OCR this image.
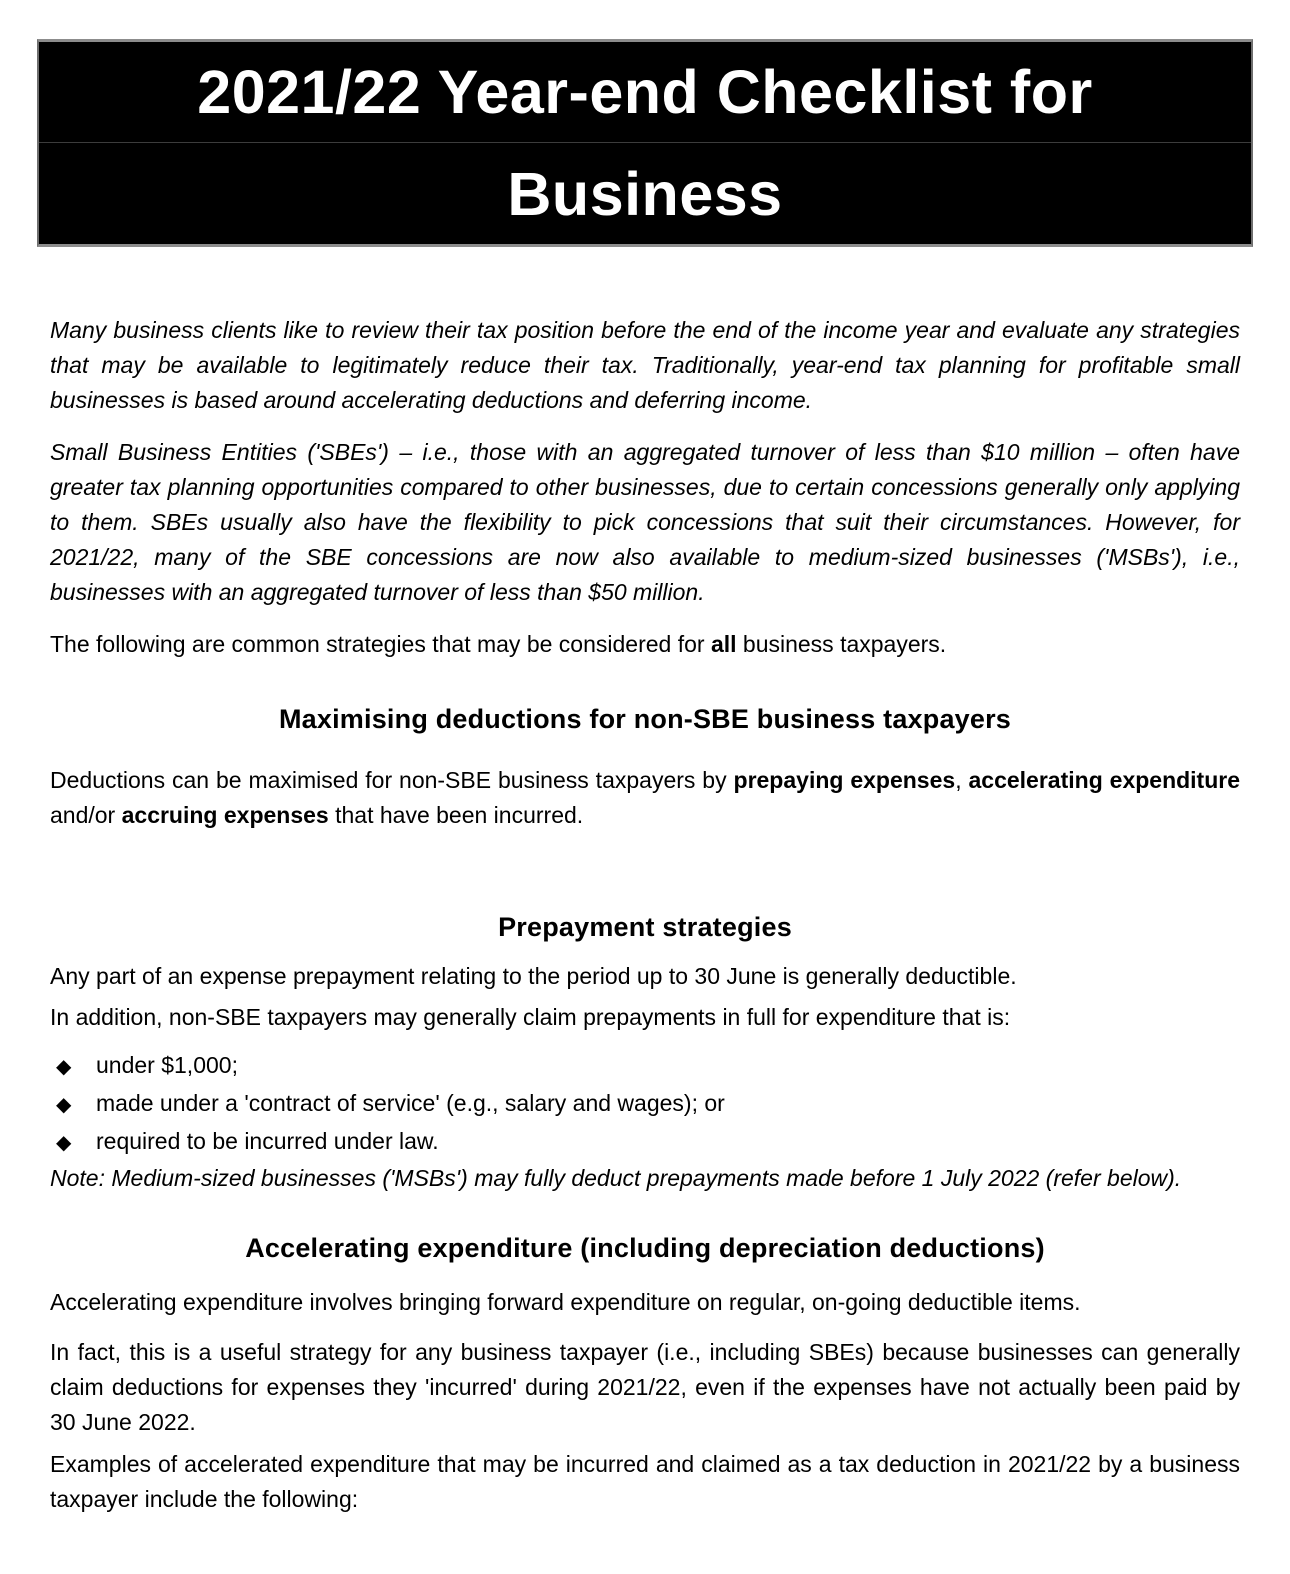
2021/22 Year-end Checklist for
Business

Many business clients like to review their tax position before the end of the income year and evaluate any strategies that may be available to legitimately reduce their tax. Traditionally, year-end tax planning for profitable small businesses is based around accelerating deductions and deferring income.

Small Business Entities ('SBEs') – i.e., those with an aggregated turnover of less than $10 million – often have greater tax planning opportunities compared to other businesses, due to certain concessions generally only applying to them. SBEs usually also have the flexibility to pick concessions that suit their circumstances. However, for 2021/22, many of the SBE concessions are now also available to medium-sized businesses ('MSBs'), i.e., businesses with an aggregated turnover of less than $50 million.

The following are common strategies that may be considered for all business taxpayers.

Maximising deductions for non-SBE business taxpayers

Deductions can be maximised for non-SBE business taxpayers by prepaying expenses, accelerating expenditure and/or accruing expenses that have been incurred.

Prepayment strategies

Any part of an expense prepayment relating to the period up to 30 June is generally deductible.

In addition, non-SBE taxpayers may generally claim prepayments in full for expenditure that is:

◆	under $1,000;
◆	made under a 'contract of service' (e.g., salary and wages); or
◆	required to be incurred under law.

Note: Medium-sized businesses ('MSBs') may fully deduct prepayments made before 1 July 2022 (refer below).

Accelerating expenditure (including depreciation deductions)

Accelerating expenditure involves bringing forward expenditure on regular, on-going deductible items.

In fact, this is a useful strategy for any business taxpayer (i.e., including SBEs) because businesses can generally claim deductions for expenses they 'incurred' during 2021/22, even if the expenses have not actually been paid by 30 June 2022.

Examples of accelerated expenditure that may be incurred and claimed as a tax deduction in 2021/22 by a business taxpayer include the following:
